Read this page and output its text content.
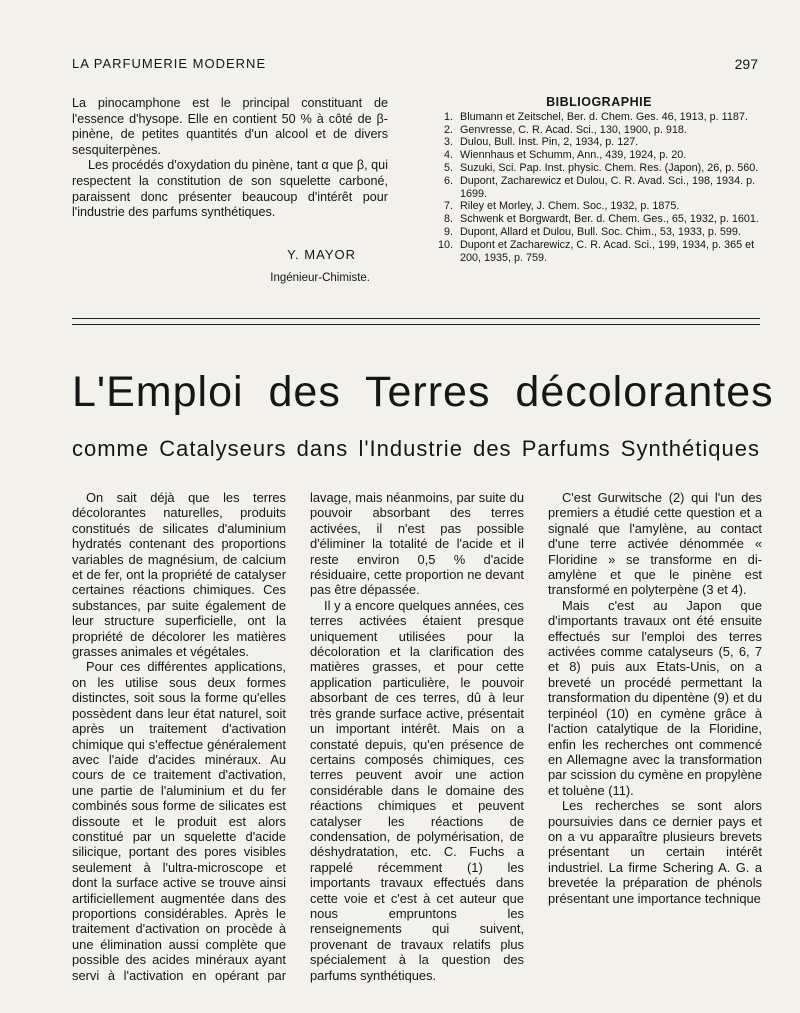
LA PARFUMERIE MODERNE	297

La pinocamphone est le principal constituant de l'essence d'hysope. Elle en contient 50 % à côté de β-pinène, de petites quantités d'un alcool et de divers sesquiterpènes.

Les procédés d'oxydation du pinène, tant α que β, qui respectent la constitution de son squelette carboné, paraissent donc présenter beaucoup d'intérêt pour l'industrie des parfums synthétiques.

Y. MAYOR
Ingénieur-Chimiste.
BIBLIOGRAPHIE
1. Blumann et Zeitschel, Ber. d. Chem. Ges. 46, 1913, p. 1187.
2. Genvresse, C. R. Acad. Sci., 130, 1900, p. 918.
3. Dulou, Bull. Inst. Pin, 2, 1934, p. 127.
4. Wiennhaus et Schumm, Ann., 439, 1924, p. 20.
5. Suzuki, Sci. Pap. Inst. physic. Chem. Res. (Japon), 26, p. 560.
6. Dupont, Zacharewicz et Dulou, C. R. Avad. Sci., 198, 1934. p. 1699.
7. Riley et Morley, J. Chem. Soc., 1932, p. 1875.
8. Schwenk et Borgwardt, Ber. d. Chem. Ges., 65, 1932, p. 1601.
9. Dupont, Allard et Dulou, Bull. Soc. Chim., 53, 1933, p. 599.
10. Dupont et Zacharewicz, C. R. Acad. Sci., 199, 1934, p. 365 et 200, 1935, p. 759.
L'Emploi des Terres décolorantes
comme Catalyseurs dans l'Industrie des Parfums Synthétiques

On sait déjà que les terres décolorantes naturelles, produits constitués de silicates d'aluminium hydratés contenant des proportions variables de magnésium, de calcium et de fer, ont la propriété de catalyser certaines réactions chimiques. Ces substances, par suite également de leur structure superficielle, ont la propriété de décolorer les matières grasses animales et végétales.

Pour ces différentes applications, on les utilise sous deux formes distinctes, soit sous la forme qu'elles possèdent dans leur état naturel, soit après un traitement d'activation chimique qui s'effectue généralement avec l'aide d'acides minéraux. Au cours de ce traitement d'activation, une partie de l'aluminium et du fer combinés sous forme de silicates est dissoute et le produit est alors constitué par un squelette d'acide silicique, portant des pores visibles seulement à l'ultra-microscope et dont la surface active se trouve ainsi artificiellement augmentée dans des proportions considérables. Après le traitement d'activation on procède à une élimination aussi complète que possible des acides minéraux ayant servi à l'activation en opérant par lavage, mais néanmoins, par suite du pouvoir absorbant des terres activées, il n'est pas possible d'éliminer la totalité de l'acide et il reste environ 0,5 % d'acide résiduaire, cette proportion ne devant pas être dépassée.

Il y a encore quelques années, ces terres activées étaient presque uniquement utilisées pour la décoloration et la clarification des matières grasses, et pour cette application particulière, le pouvoir absorbant de ces terres, dû à leur très grande surface active, présentait un important intérêt. Mais on a constaté depuis, qu'en présence de certains composés chimiques, ces terres peuvent avoir une action considérable dans le domaine des réactions chimiques et peuvent catalyser les réactions de condensation, de polymérisation, de déshydratation, etc. C. Fuchs a rappelé récemment (1) les importants travaux effectués dans cette voie et c'est à cet auteur que nous empruntons les renseignements qui suivent, provenant de travaux relatifs plus spécialement à la question des parfums synthétiques.

C'est Gurwitsche (2) qui l'un des premiers a étudié cette question et a signalé que l'amylène, au contact d'une terre activée dénommée « Floridine » se transforme en di-amylène et que le pinène est transformé en polyterpène (3 et 4).

Mais c'est au Japon que d'importants travaux ont été ensuite effectués sur l'emploi des terres activées comme catalyseurs (5, 6, 7 et 8) puis aux Etats-Unis, on a breveté un procédé permettant la transformation du dipentène (9) et du terpinéol (10) en cymène grâce à l'action catalytique de la Floridine, enfin les recherches ont commencé en Allemagne avec la transformation par scission du cymène en propylène et toluène (11).

Les recherches se sont alors poursuivies dans ce dernier pays et on a vu apparaître plusieurs brevets présentant un certain intérêt industriel. La firme Schering A. G. a brevetée la préparation de phénols présentant une importance technique
